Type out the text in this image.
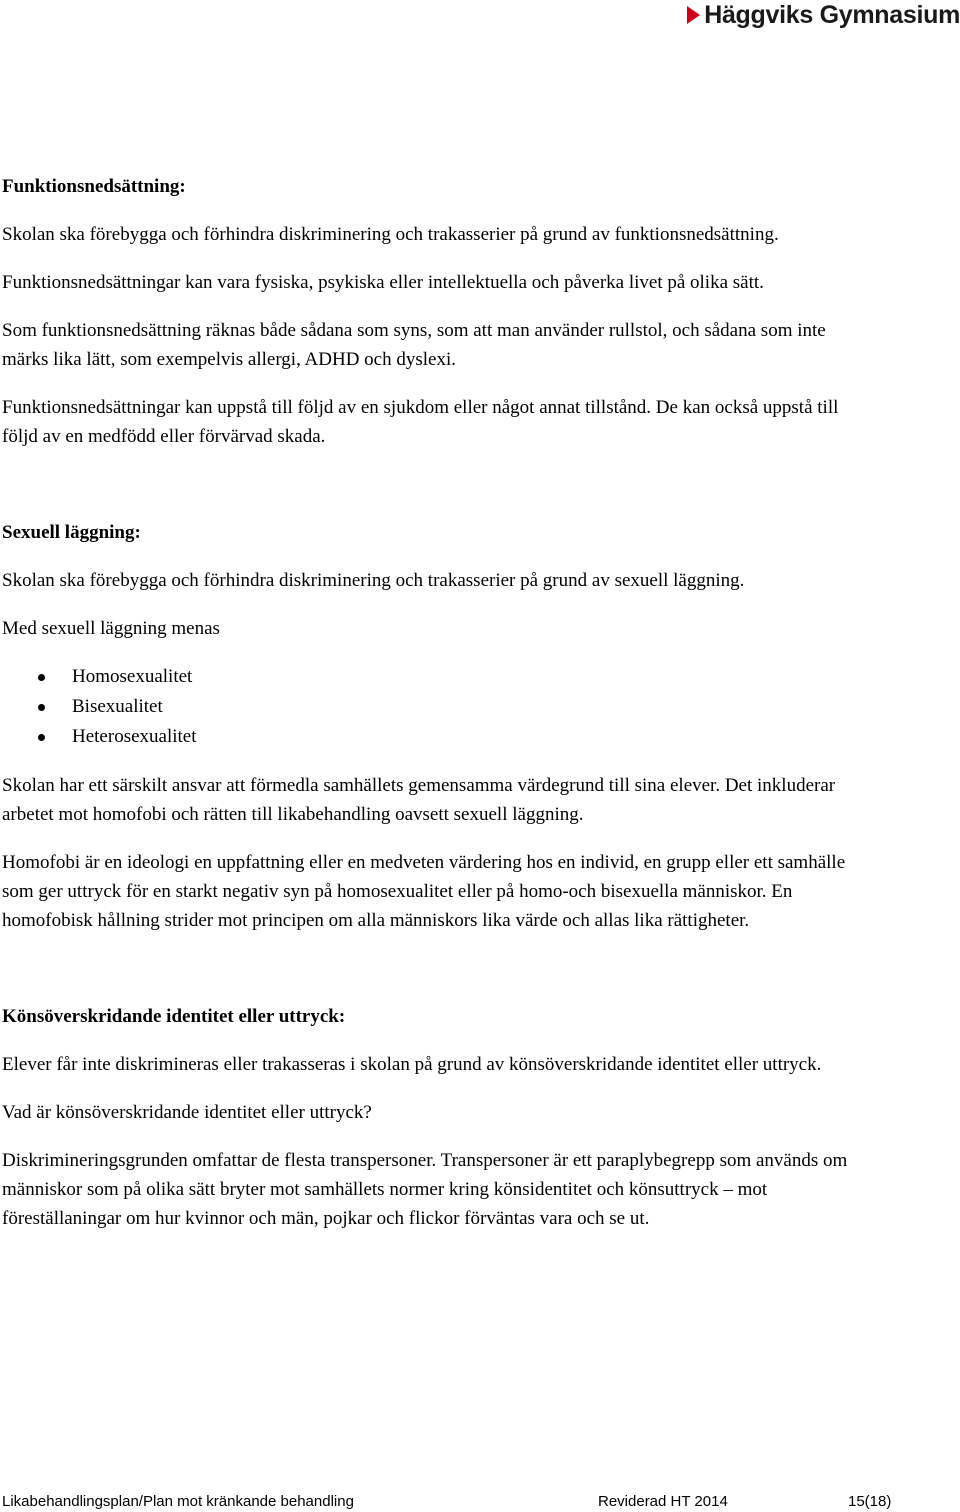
Häggviks Gymnasium
Funktionsnedsättning:

Skolan ska förebygga och förhindra diskriminering och trakasserier på grund av funktionsnedsättning.

Funktionsnedsättningar kan vara fysiska, psykiska eller intellektuella och påverka livet på olika sätt.

Som funktionsnedsättning räknas både sådana som syns, som att man använder rullstol, och sådana som inte märks lika lätt, som exempelvis allergi, ADHD och dyslexi.

Funktionsnedsättningar kan uppstå till följd av en sjukdom eller något annat tillstånd. De kan också uppstå till följd av en medfödd eller förvärvad skada.

Sexuell läggning:

Skolan ska förebygga och förhindra diskriminering och trakasserier på grund av sexuell läggning.

Med sexuell läggning menas

Homosexualitet
Bisexualitet
Heterosexualitet

Skolan har ett särskilt ansvar att förmedla samhällets gemensamma värdegrund till sina elever. Det inkluderar arbetet mot homofobi och rätten till likabehandling oavsett sexuell läggning.

Homofobi är en ideologi en uppfattning eller en medveten värdering hos en individ, en grupp eller ett samhälle som ger uttryck för en starkt negativ syn på homosexualitet eller på homo-och bisexuella människor. En homofobisk hållning strider mot principen om alla människors lika värde och allas lika rättigheter.

Könsöverskridande identitet eller uttryck:

Elever får inte diskrimineras eller trakasseras i skolan på grund av könsöverskridande identitet eller uttryck.

Vad är könsöverskridande identitet eller uttryck?

Diskrimineringsgrunden omfattar de flesta transpersoner. Transpersoner är ett paraplybegrepp som används om människor som på olika sätt bryter mot samhällets normer kring könsidentitet och könsuttryck – mot föreställaningar om hur kvinnor och män, pojkar och flickor förväntas vara och se ut.

Likabehandlingsplan/Plan mot kränkande behandling	Reviderad HT 2014	15(18)
